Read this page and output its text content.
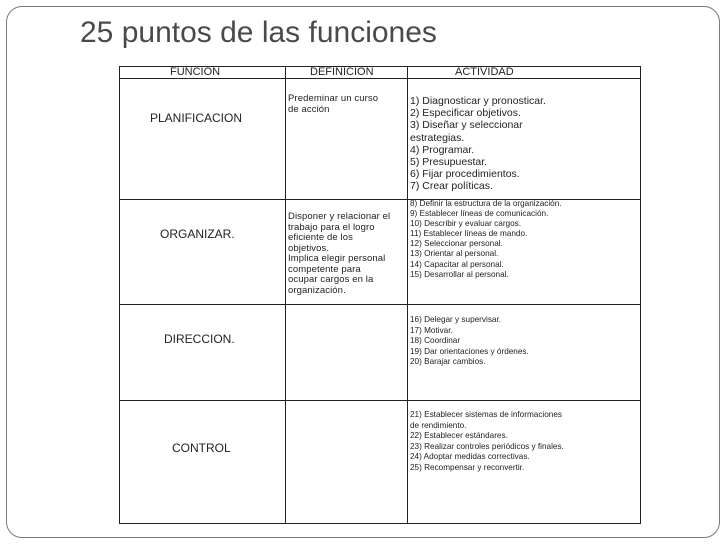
25 puntos de las funciones
FUNCION	DEFINICION	ACTIVIDAD
PLANIFICACION
Predeminar un curso
de acción
1) Diagnosticar y pronosticar.
2) Especificar objetivos.
3) Diseñar y seleccionar
estrategias.
4) Programar.
5) Presupuestar.
6) Fijar procedimientos.
7) Crear políticas.
ORGANIZAR.
Disponer y relacionar el
trabajo para el logro
eficiente de los
objetivos.
Implica elegir personal
competente para
ocupar cargos en la
organización.
8) Definir la estructura de la organización.
9) Establecer líneas de comunicación.
10) Describir y evaluar cargos.
11) Establecer líneas de mando.
12) Seleccionar personal.
13) Orientar al personal.
14) Capacitar al personal.
15) Desarrollar al personal.
DIRECCION.
16) Delegar y supervisar.
17) Motivar.
18) Coordinar
19) Dar orientaciones y órdenes.
20) Barajar cambios.
CONTROL
21) Establecer sistemas de informaciones
de rendimiento.
22) Establecer estándares.
23) Realizar controles periódicos y finales.
24) Adoptar medidas correctivas.
25) Recompensar y reconvertir.
